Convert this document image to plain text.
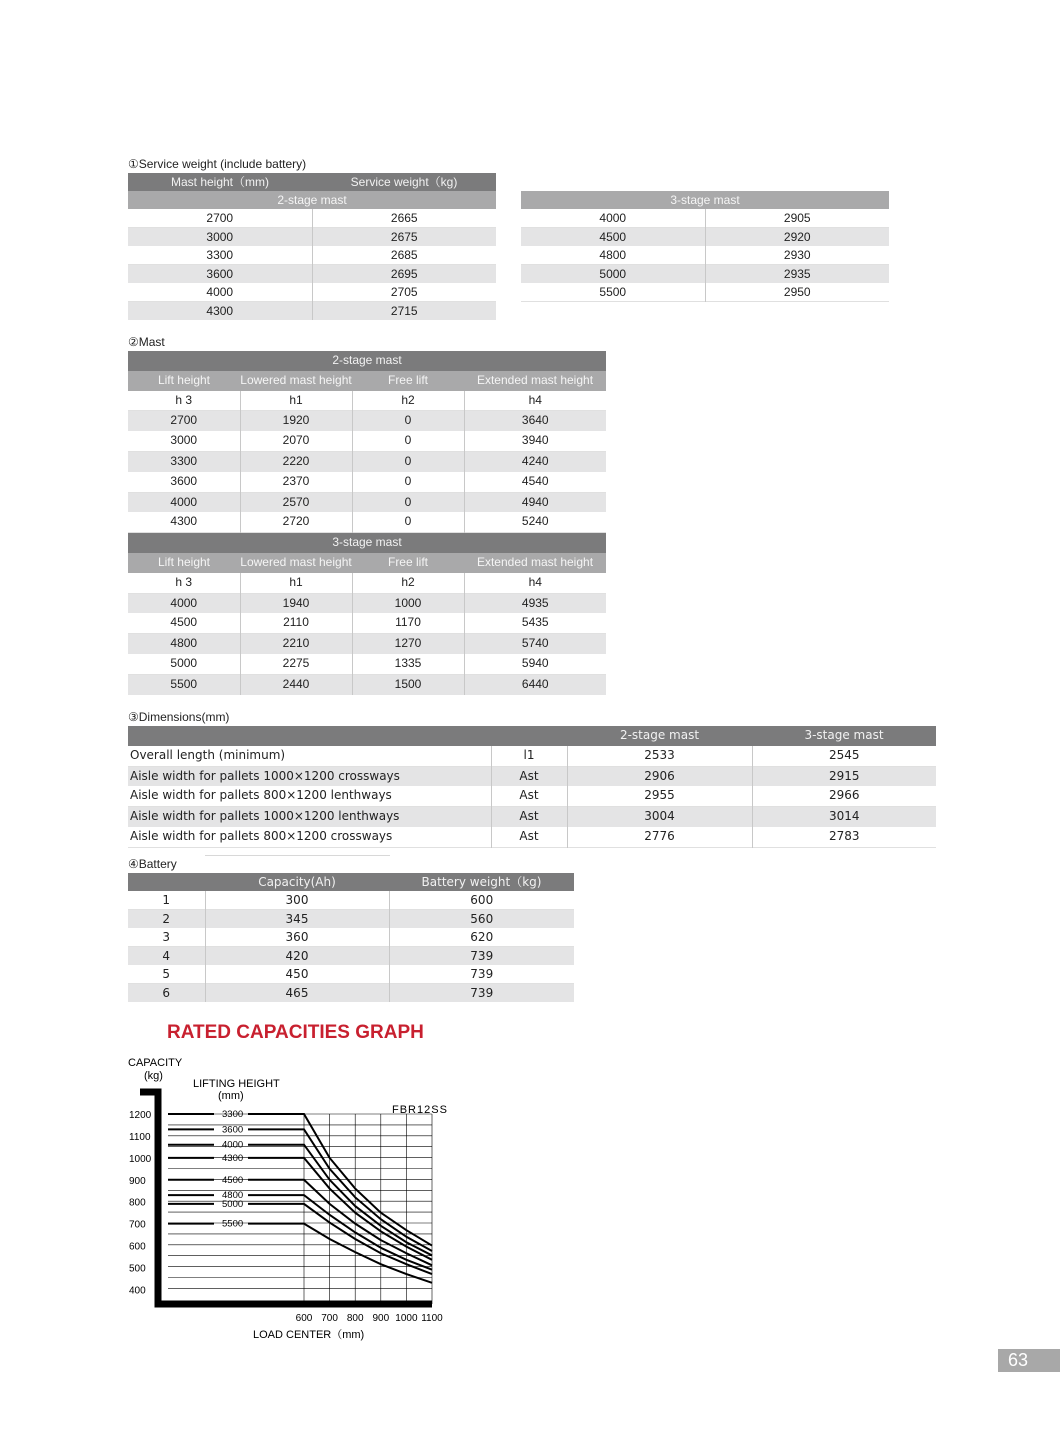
①Service weight (include battery)
Mast height（mm)	Service weight（kg)
2-stage mast	
2700	2665
3000	2675
3300	2685
3600	2695
4000	2705
4300	2715
3-stage mast	
4000	2905
4500	2920
4800	2930
5000	2935
5500	2950
②Mast
2-stage mast			
Lift height	Lowered mast height	Free lift	Extended mast height
h 3	h1	h2	h4
2700	1920	0	3640
3000	2070	0	3940
3300	2220	0	4240
3600	2370	0	4540
4000	2570	0	4940
4300	2720	0	5240
3-stage mast			
Lift height	Lowered mast height	Free lift	Extended mast height
h 3	h1	h2	h4
4000	1940	1000	4935
4500	2110	1170	5435
4800	2210	1270	5740
5000	2275	1335	5940
5500	2440	1500	6440
③Dimensions(mm)
		2-stage mast	3-stage mast
Overall length (minimum)	l1	2533	2545
Aisle width for pallets 1000×1200 crossways	Ast	2906	2915
Aisle width for pallets 800×1200 lenthways	Ast	2955	2966
Aisle width for pallets 1000×1200 lenthways	Ast	3004	3014
Aisle width for pallets 800×1200 crossways	Ast	2776	2783
④Battery
	Capacity(Ah)	Battery weight（kg)
1	300	600
2	345	560
3	360	620
4	420	739
5	450	739
6	465	739
RATED CAPACITIES GRAPH
CAPACITY
(kg)
LIFTING HEIGHT
(mm)
FBR12SS
LOAD CENTER（mm)
1200
1100
1000
900
800
700
600
500
400
600 700 800 900 1000 1100
3300
3600
4000
4300
4500
4800
5000
5500
63
